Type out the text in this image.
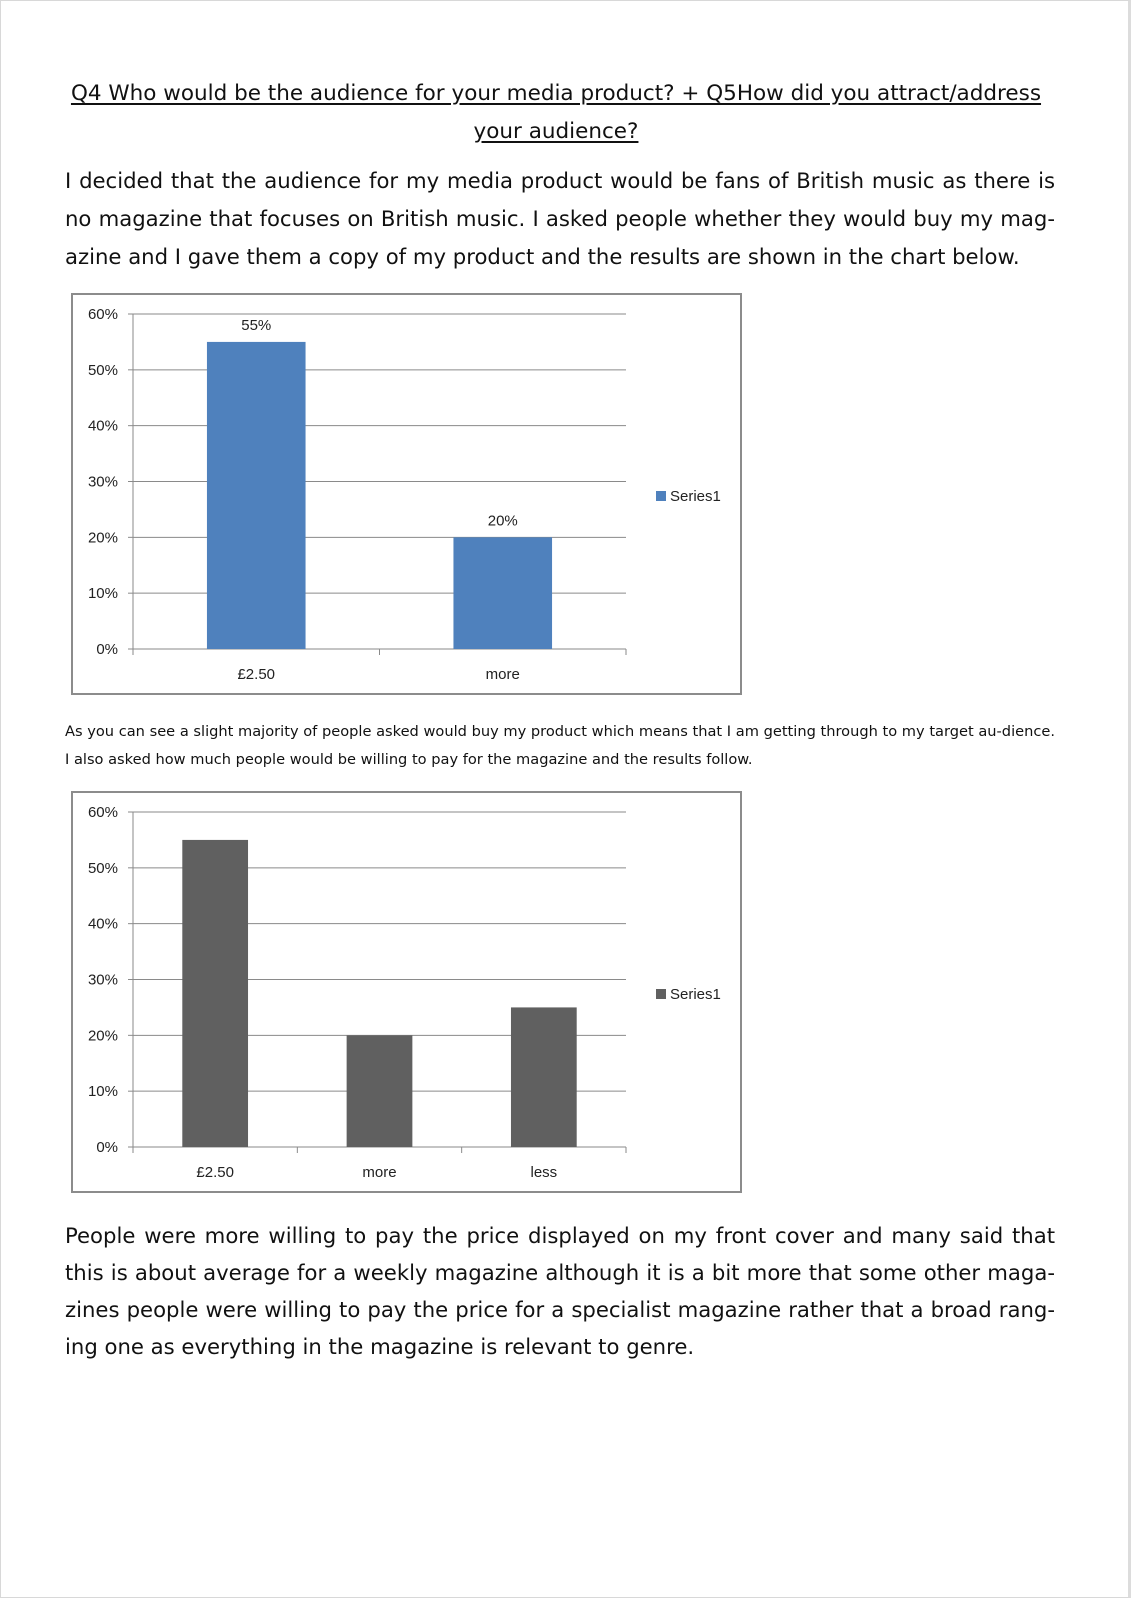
Q4 Who would be the audience for your media product? + Q5How did you attract/address your audience?

I decided that the audience for my media product would be fans of British music as there is no magazine that focuses on British music. I asked people whether they would buy my mag-azine and I gave them a copy of my product and the results are shown in the chart below.

0%
10%
20%
30%
40%
50%
60%
55%
£2.50
20%
more
Series1

As you can see a slight majority of people asked would buy my product which means that I am getting through to my target au-dience. I also asked how much people would be willing to pay for the magazine and the results follow.

0%
10%
20%
30%
40%
50%
60%
£2.50	more	less
Series1

People were more willing to pay the price displayed on my front cover and many said that this is about average for a weekly magazine although it is a bit more that some other maga-zines people were willing to pay the price for a specialist magazine rather that a broad rang-ing one as everything in the magazine is relevant to genre.
